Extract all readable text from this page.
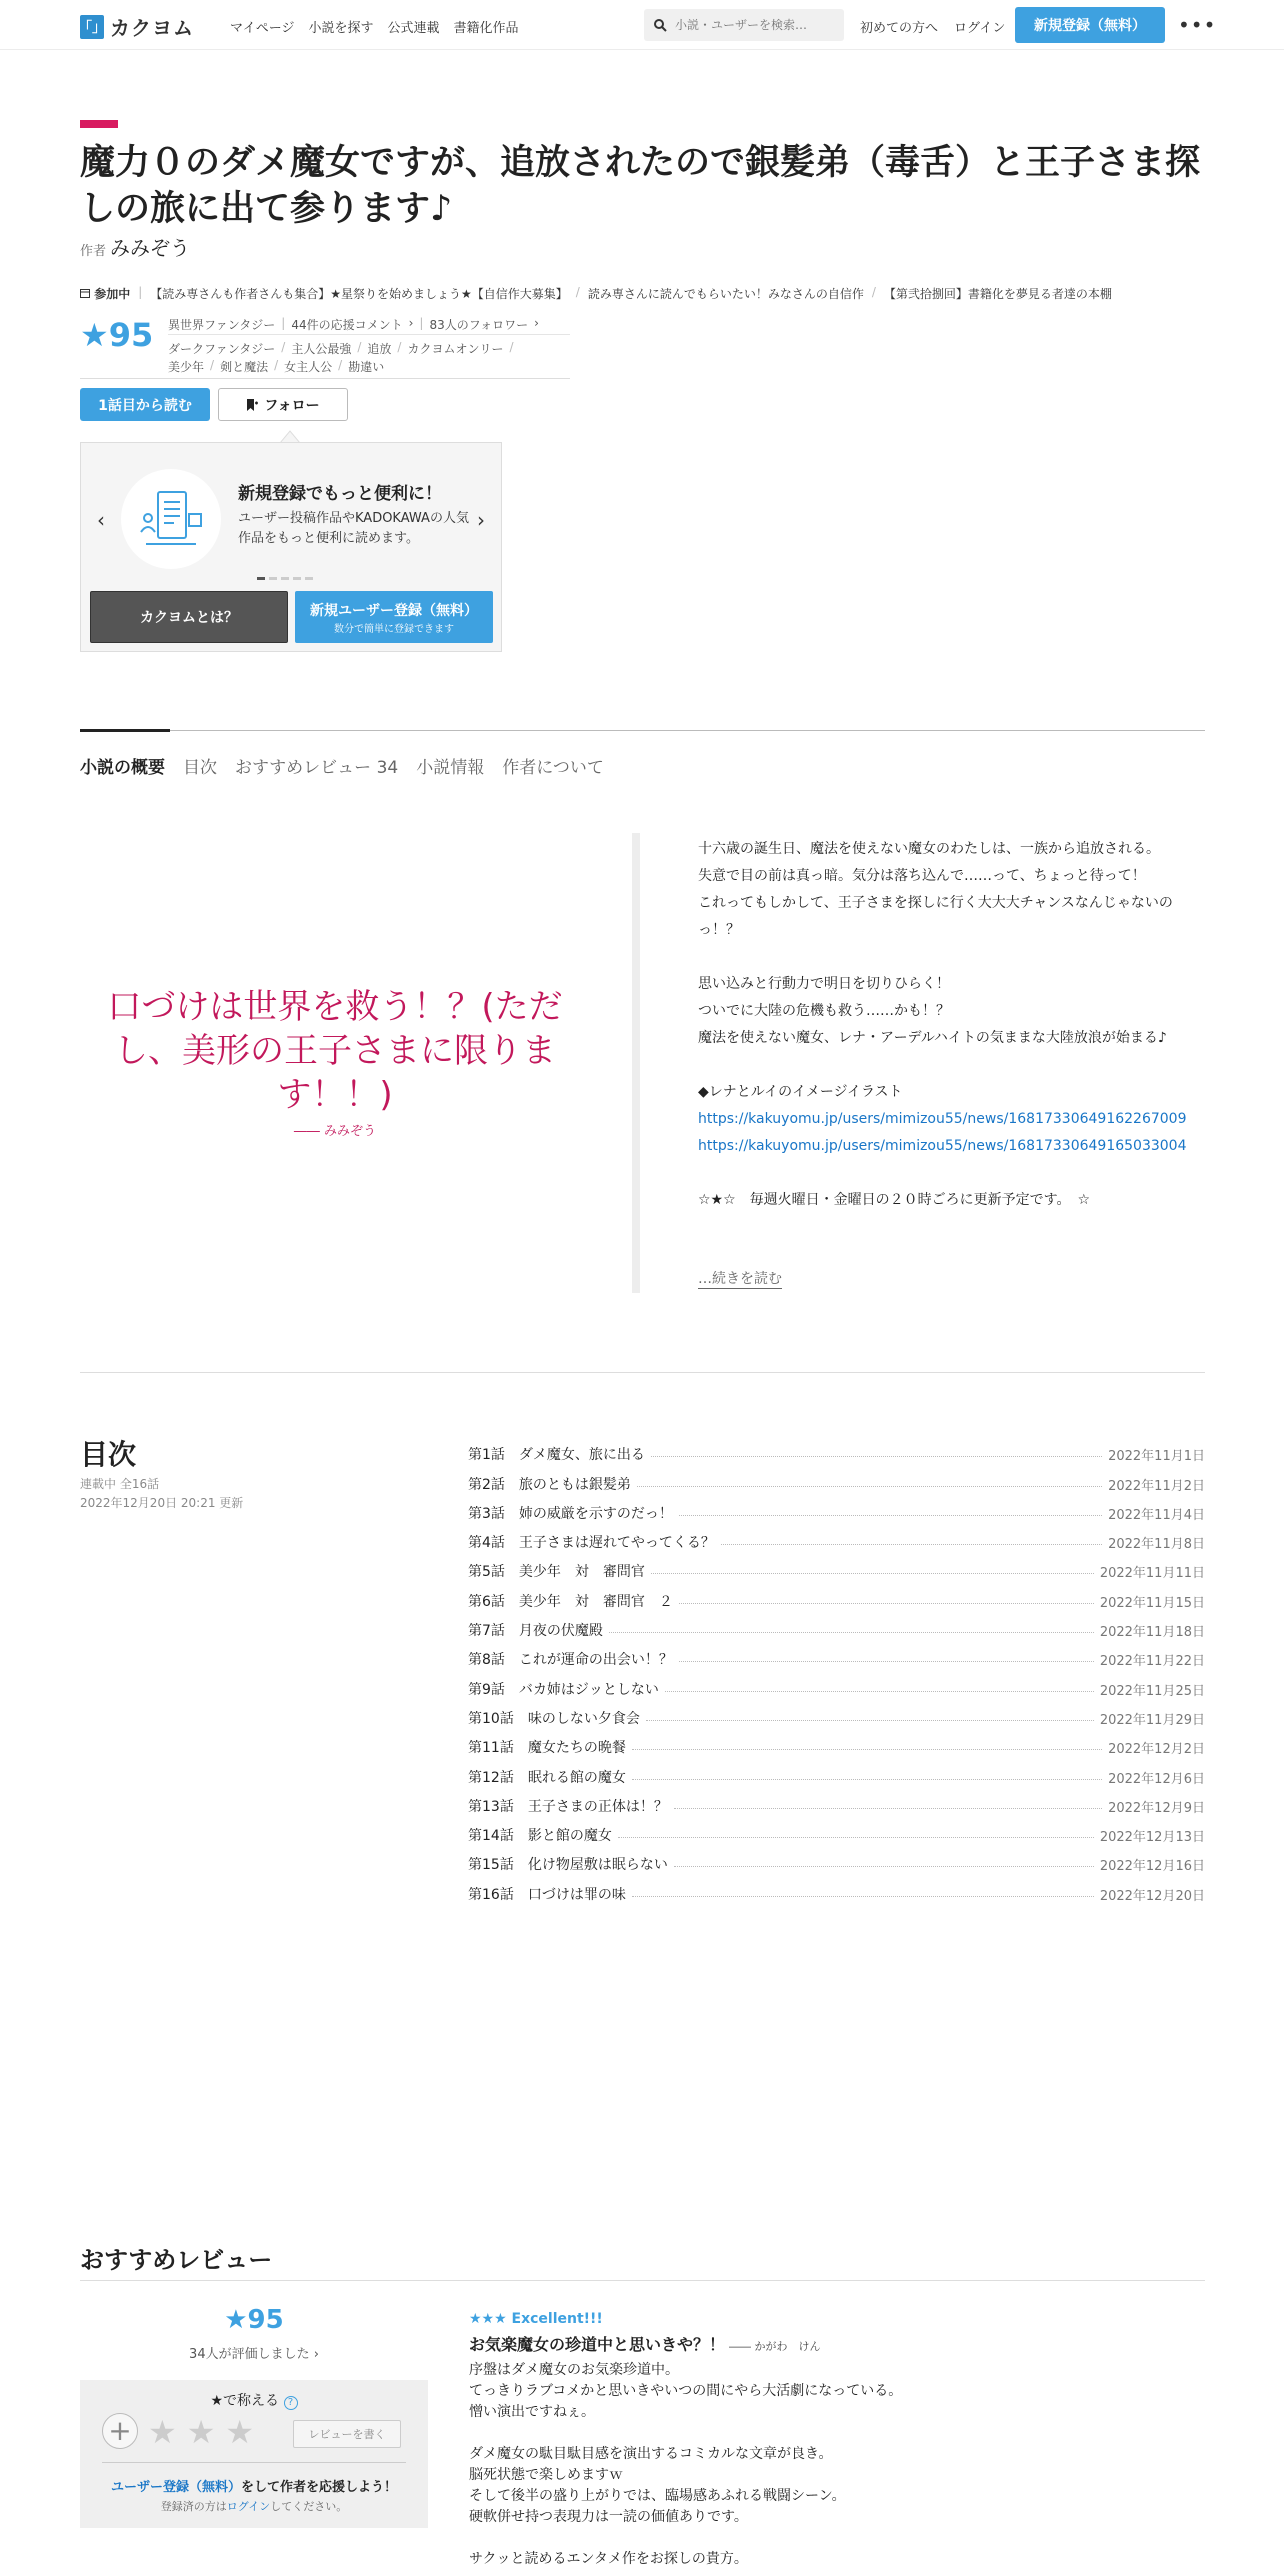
「」 カクヨム	マイページ 小説を探す 公式連載 書籍化作品
小説・ユーザーを検索…	初めての方へ ログイン	新規登録（無料）	•••
魔力０のダメ魔女ですが、追放されたので銀髪弟（毒舌）と王子さま探しの旅に出て参ります♪
作者 みみぞう
参加中 | 【読み専さんも作者さんも集合】★星祭りを始めましょう★【自信作大募集】 / 読み専さんに読んでもらいたい！みなさんの自信作 / 【第弐拾捌回】書籍化を夢見る者達の本棚
★95 異世界ファンタジー | 44件の応援コメント › | 83人のフォロワー ›
ダークファンタジー / 主人公最強 / 追放 / カクヨムオンリー /
美少年 / 剣と魔法 / 女主人公 / 勘違い
1話目から読む	フォロー
‹	›
新規登録でもっと便利に！

ユーザー投稿作品やKADOKAWAの人気作品をもっと便利に読めます。

カクヨムとは？	新規ユーザー登録（無料）
数分で簡単に登録できます
小説の概要 目次 おすすめレビュー 34 小説情報 作者について
口づけは世界を救う！？(ただし、美形の王子さまに限ります！！)
―― みみぞう
十六歳の誕生日、魔法を使えない魔女のわたしは、一族から追放される。
失意で目の前は真っ暗。気分は落ち込んで……って、ちょっと待って！
これってもしかして、王子さまを探しに行く大大大チャンスなんじゃないのっ！？

思い込みと行動力で明日を切りひらく！
ついでに大陸の危機も救う……かも！？
魔法を使えない魔女、レナ・アーデルハイトの気ままな大陸放浪が始まる♪

◆レナとルイのイメージイラスト
https://kakuyomu.jp/users/mimizou55/news/16817330649162267009
https://kakuyomu.jp/users/mimizou55/news/16817330649165033004

☆★☆　毎週火曜日・金曜日の２０時ごろに更新予定です。　☆
…続きを読む
目次
連載中 全16話
2022年12月20日 20:21 更新
第1話　ダメ魔女、旅に出る	2022年11月1日
第2話　旅のともは銀髪弟	2022年11月2日
第3話　姉の威厳を示すのだっ！	2022年11月4日
第4話　王子さまは遅れてやってくる？	2022年11月8日
第5話　美少年　対　審問官	2022年11月11日
第6話　美少年　対　審問官　２	2022年11月15日
第7話　月夜の伏魔殿	2022年11月18日
第8話　これが運命の出会い！？	2022年11月22日
第9話　バカ姉はジッとしない	2022年11月25日
第10話　味のしない夕食会	2022年11月29日
第11話　魔女たちの晩餐	2022年12月2日
第12話　眠れる館の魔女	2022年12月6日
第13話　王子さまの正体は！？	2022年12月9日
第14話　影と館の魔女	2022年12月13日
第15話　化け物屋敷は眠らない	2022年12月16日
第16話　口づけは罪の味	2022年12月20日
おすすめレビュー
★95
34人が評価しました ›
★で称える ?
+ ★ ★ ★	レビューを書く
ユーザー登録（無料）をして作者を応援しよう！
登録済の方はログインしてください。
★★★ Excellent!!!
お気楽魔女の珍道中と思いきや？！ ―― かがわ　けん
序盤はダメ魔女のお気楽珍道中。
てっきりラブコメかと思いきやいつの間にやら大活劇になっている。
憎い演出ですねぇ。

ダメ魔女の駄目駄目感を演出するコミカルな文章が良き。
脳死状態で楽しめますｗ
そして後半の盛り上がりでは、臨場感あふれる戦闘シーン。
硬軟併せ持つ表現力は一読の価値ありです。

サクッと読めるエンタメ作をお探しの貴方。
